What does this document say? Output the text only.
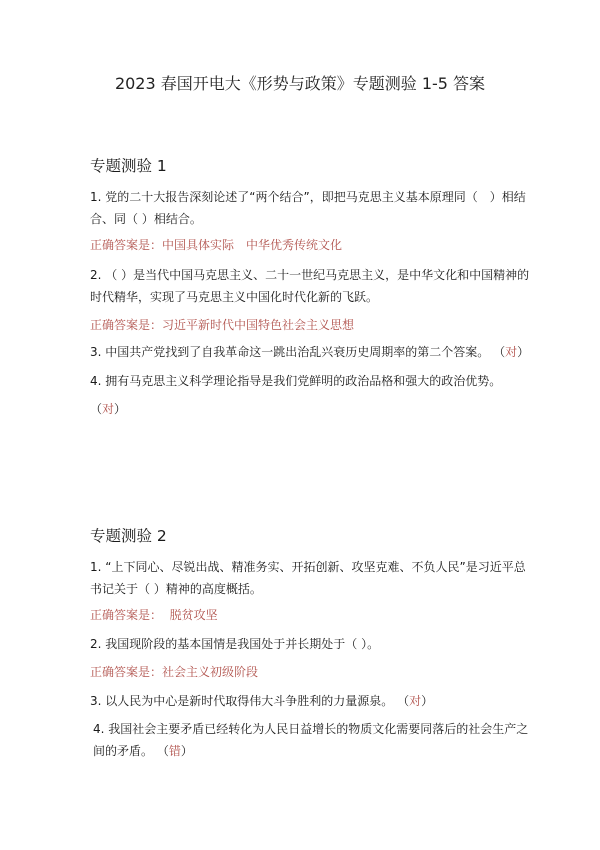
2023 春国开电大《形势与政策》专题测验 1-5 答案
专题测验 1
1. 党的二十大报告深刻论述了“两个结合”，即把马克思主义基本原理同（　）相结合、同（ ）相结合。
正确答案是：中国具体实际　中华优秀传统文化
2. （ ）是当代中国马克思主义、二十一世纪马克思主义，是中华文化和中国精神的时代精华，实现了马克思主义中国化时代化新的飞跃。
正确答案是：习近平新时代中国特色社会主义思想
3. 中国共产党找到了自我革命这一跳出治乱兴衰历史周期率的第二个答案。 （对）
4. 拥有马克思主义科学理论指导是我们党鲜明的政治品格和强大的政治优势。
（对）
专题测验 2
1. “上下同心、尽锐出战、精准务实、开拓创新、攻坚克难、不负人民”是习近平总书记关于（ ）精神的高度概括。
正确答案是：  脱贫攻坚
2. 我国现阶段的基本国情是我国处于并长期处于（ ）。
正确答案是：社会主义初级阶段
3. 以人民为中心是新时代取得伟大斗争胜利的力量源泉。 （对）
4. 我国社会主要矛盾已经转化为人民日益增长的物质文化需要同落后的社会生产之间的矛盾。 （错）
